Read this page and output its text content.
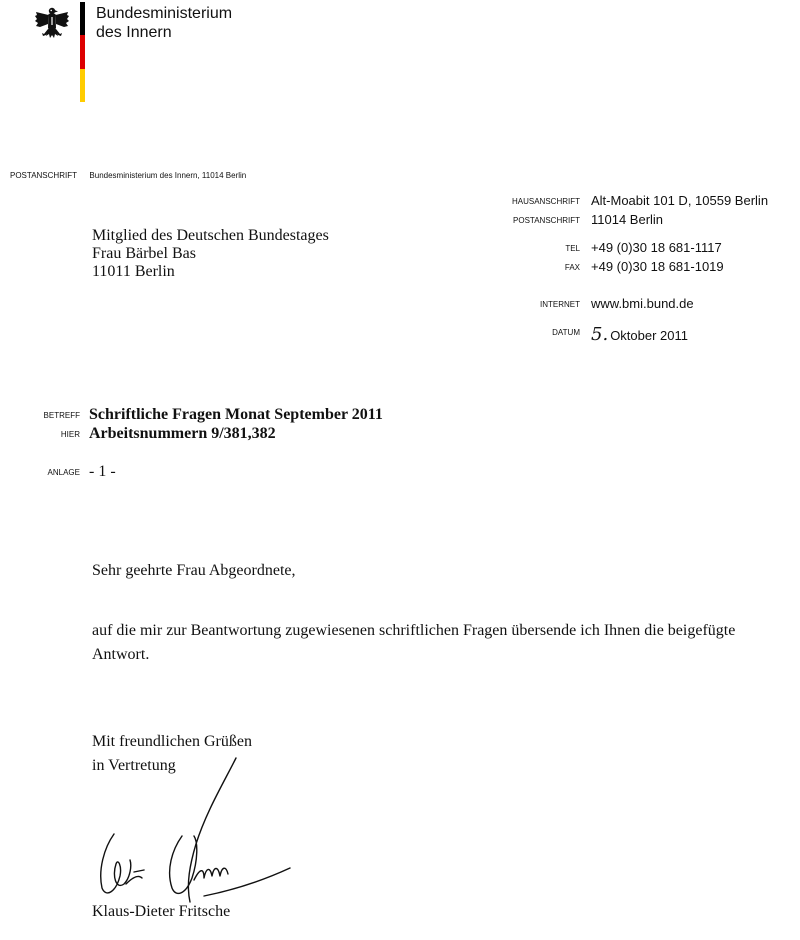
Bundesministerium
des Innern
POSTANSCHRIFT Bundesministerium des Innern, 11014 Berlin
Mitglied des Deutschen Bundestages
Frau Bärbel Bas
11011 Berlin
HAUSANSCHRIFT Alt-Moabit 101 D, 10559 Berlin
POSTANSCHRIFT 11014 Berlin
TEL +49 (0)30 18 681-1117
FAX +49 (0)30 18 681-1019
INTERNET www.bmi.bund.de
DATUM 5. Oktober 2011
BETREFF Schriftliche Fragen Monat September 2011
HIER Arbeitsnummern 9/381,382
ANLAGE - 1 -
Sehr geehrte Frau Abgeordnete,
auf die mir zur Beantwortung zugewiesenen schriftlichen Fragen übersende ich Ihnen die beigefügte Antwort.
Mit freundlichen Grüßen
in Vertretung
Klaus-Dieter Fritsche
